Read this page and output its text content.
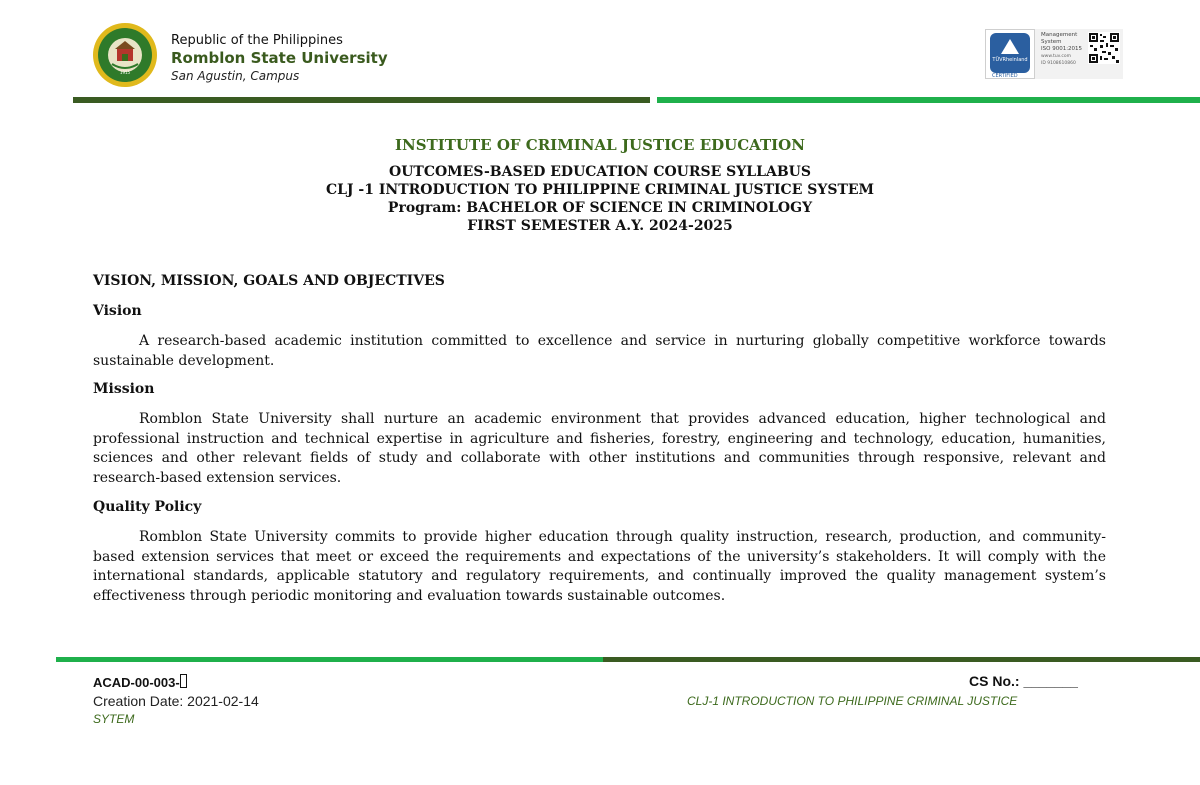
1915
Republic of the Philippines
Romblon State University
San Agustin, Campus
TÜVRheinland
CERTIFIED
Management
System
ISO 9001:2015
www.tuv.com
ID 9108610860
INSTITUTE OF CRIMINAL JUSTICE EDUCATION
OUTCOMES-BASED EDUCATION COURSE SYLLABUS
CLJ -1 INTRODUCTION TO PHILIPPINE CRIMINAL JUSTICE SYSTEM
Program: BACHELOR OF SCIENCE IN CRIMINOLOGY
FIRST SEMESTER A.Y. 2024-2025
VISION, MISSION, GOALS AND OBJECTIVES
Vision

A research-based academic institution committed to excellence and service in nurturing globally competitive workforce towards sustainable development.

Mission

Romblon State University shall nurture an academic environment that provides advanced education, higher technological and professional instruction and technical expertise in agriculture and fisheries, forestry, engineering and technology, education, humanities, sciences and other relevant fields of study and collaborate with other institutions and communities through responsive, relevant and research-based extension services.

Quality Policy

Romblon State University commits to provide higher education through quality instruction, research, production, and community-based extension services that meet or exceed the requirements and expectations of the university’s stakeholders. It will comply with the international standards, applicable statutory and regulatory requirements, and continually improved the quality management system’s effectiveness through periodic monitoring and evaluation towards sustainable outcomes.

ACAD-00-003-
Creation Date: 2021-02-14
SYTEM
CS No.: _______
CLJ-1 INTRODUCTION TO PHILIPPINE CRIMINAL JUSTICE
